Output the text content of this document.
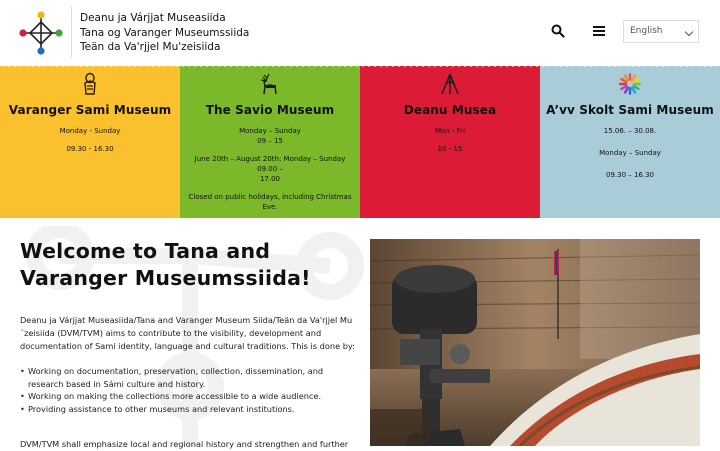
Deanu ja Várjjat Museasiida
Tana og Varanger Museumssiida
Teän da Va'rjjel Mu'zeisiida
English
Varanger Sami Museum
Monday - Sunday
09.30 - 16.30
The Savio Museum
Monday – Sunday
09 – 15
June 20th – August 20th: Monday – Sunday 09.00 –
17.00
Closed on public holidays, including Christmas Eve.
Deanu Musea
Mon - Fri
10 - 15
A’vv Skolt Sami Museum
15.06. – 30.08.
Monday – Sunday
09.30 – 16.30
Welcome to Tana and
Varanger Museumssiida!
Deanu ja Várjjat Museasiida/Tana and Varanger Museum Siida/Teän da Va'rjjel Mu´zeisiida (DVM/TVM) aims to contribute to the visibility, development and documentation of Sami identity, language and cultural traditions. This is done by:
• Working on documentation, preservation, collection, dissemination, and research based in Sámi culture and history.
• Working on making the collections more accessible to a wide audience.
• Providing assistance to other museums and relevant institutions.
DVM/TVM shall emphasize local and regional history and strengthen and further
